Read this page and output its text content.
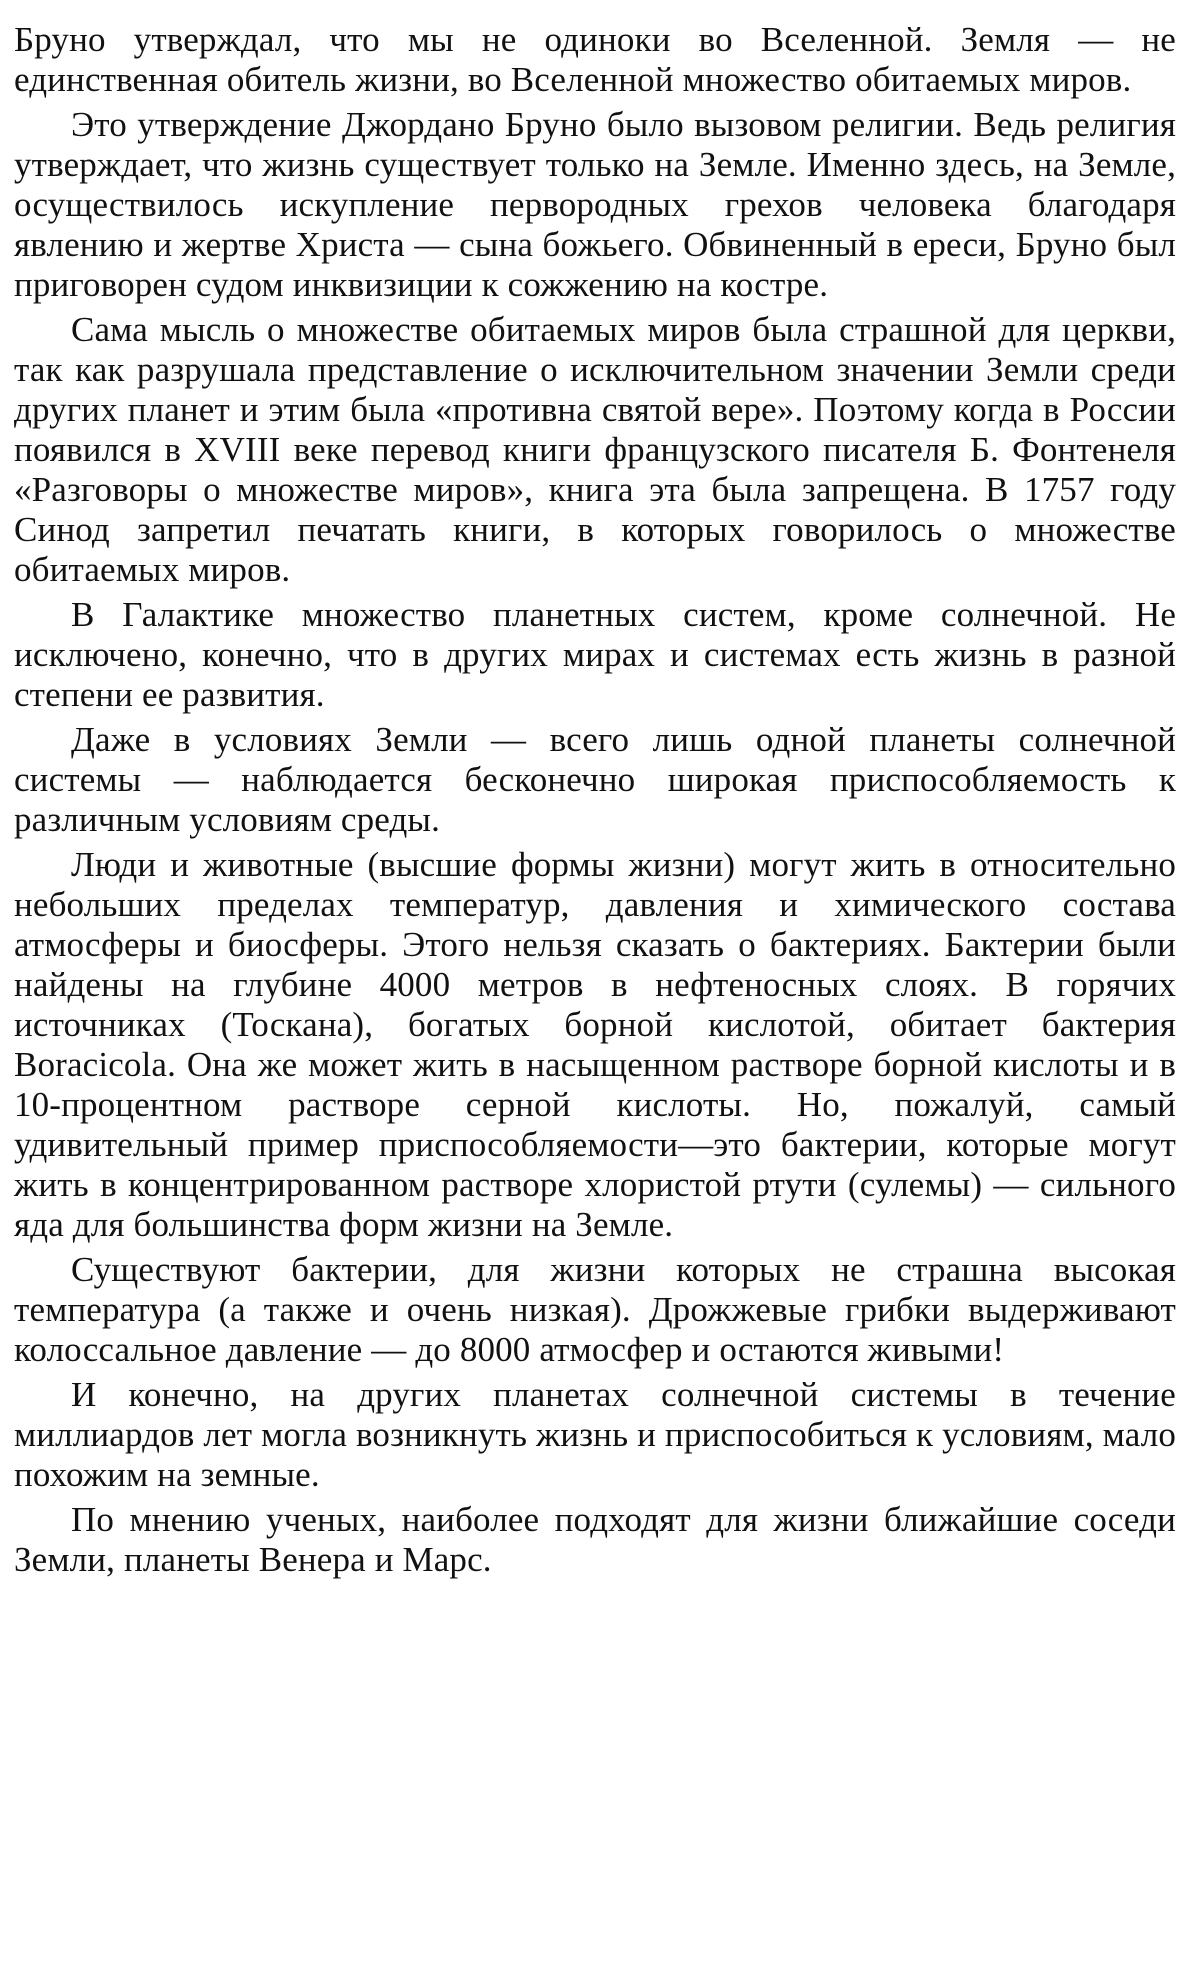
Бруно утверждал, что мы не одиноки во Вселенной. Земля — не единственная обитель жизни, во Вселенной множество обитаемых миров.

Это утверждение Джордано Бруно было вызовом религии. Ведь религия утверждает, что жизнь существует только на Земле. Именно здесь, на Земле, осуществилось искупление первородных грехов человека благодаря явлению и жертве Христа — сына божьего. Обвиненный в ереси, Бруно был приговорен судом инквизиции к сожжению на костре.

Сама мысль о множестве обитаемых миров была страшной для церкви, так как разрушала представление о исключительном значении Земли среди других планет и этим была «противна святой вере». Поэтому когда в России появился в XVIII веке перевод книги французского писателя Б. Фонтенеля «Разговоры о множестве миров», книга эта была запрещена. В 1757 году Синод запретил печатать книги, в которых говорилось о множестве обитаемых миров.

В Галактике множество планетных систем, кроме солнечной. Не исключено, конечно, что в других мирах и системах есть жизнь в разной степени ее развития.

Даже в условиях Земли — всего лишь одной планеты солнечной системы — наблюдается бесконечно широкая приспособляемость к различным условиям среды.

Люди и животные (высшие формы жизни) могут жить в относительно небольших пределах температур, давления и химического состава атмосферы и биосферы. Этого нельзя сказать о бактериях. Бактерии были найдены на глубине 4000 метров в нефтеносных слоях. В горячих источниках (Тоскана), богатых борной кислотой, обитает бактерия Boracicola. Она же может жить в насыщенном растворе борной кислоты и в 10-процентном растворе серной кислоты. Но, пожалуй, самый удивительный пример приспособляемости—это бактерии, которые могут жить в концентрированном растворе хлористой ртути (сулемы) — сильного яда для большинства форм жизни на Земле.

Существуют бактерии, для жизни которых не страшна высокая температура (а также и очень низкая). Дрожжевые грибки выдерживают колоссальное давление — до 8000 атмосфер и остаются живыми!

И конечно, на других планетах солнечной системы в течение миллиардов лет могла возникнуть жизнь и приспособиться к условиям, мало похожим на земные.

По мнению ученых, наиболее подходят для жизни ближайшие соседи Земли, планеты Венера и Марс.
